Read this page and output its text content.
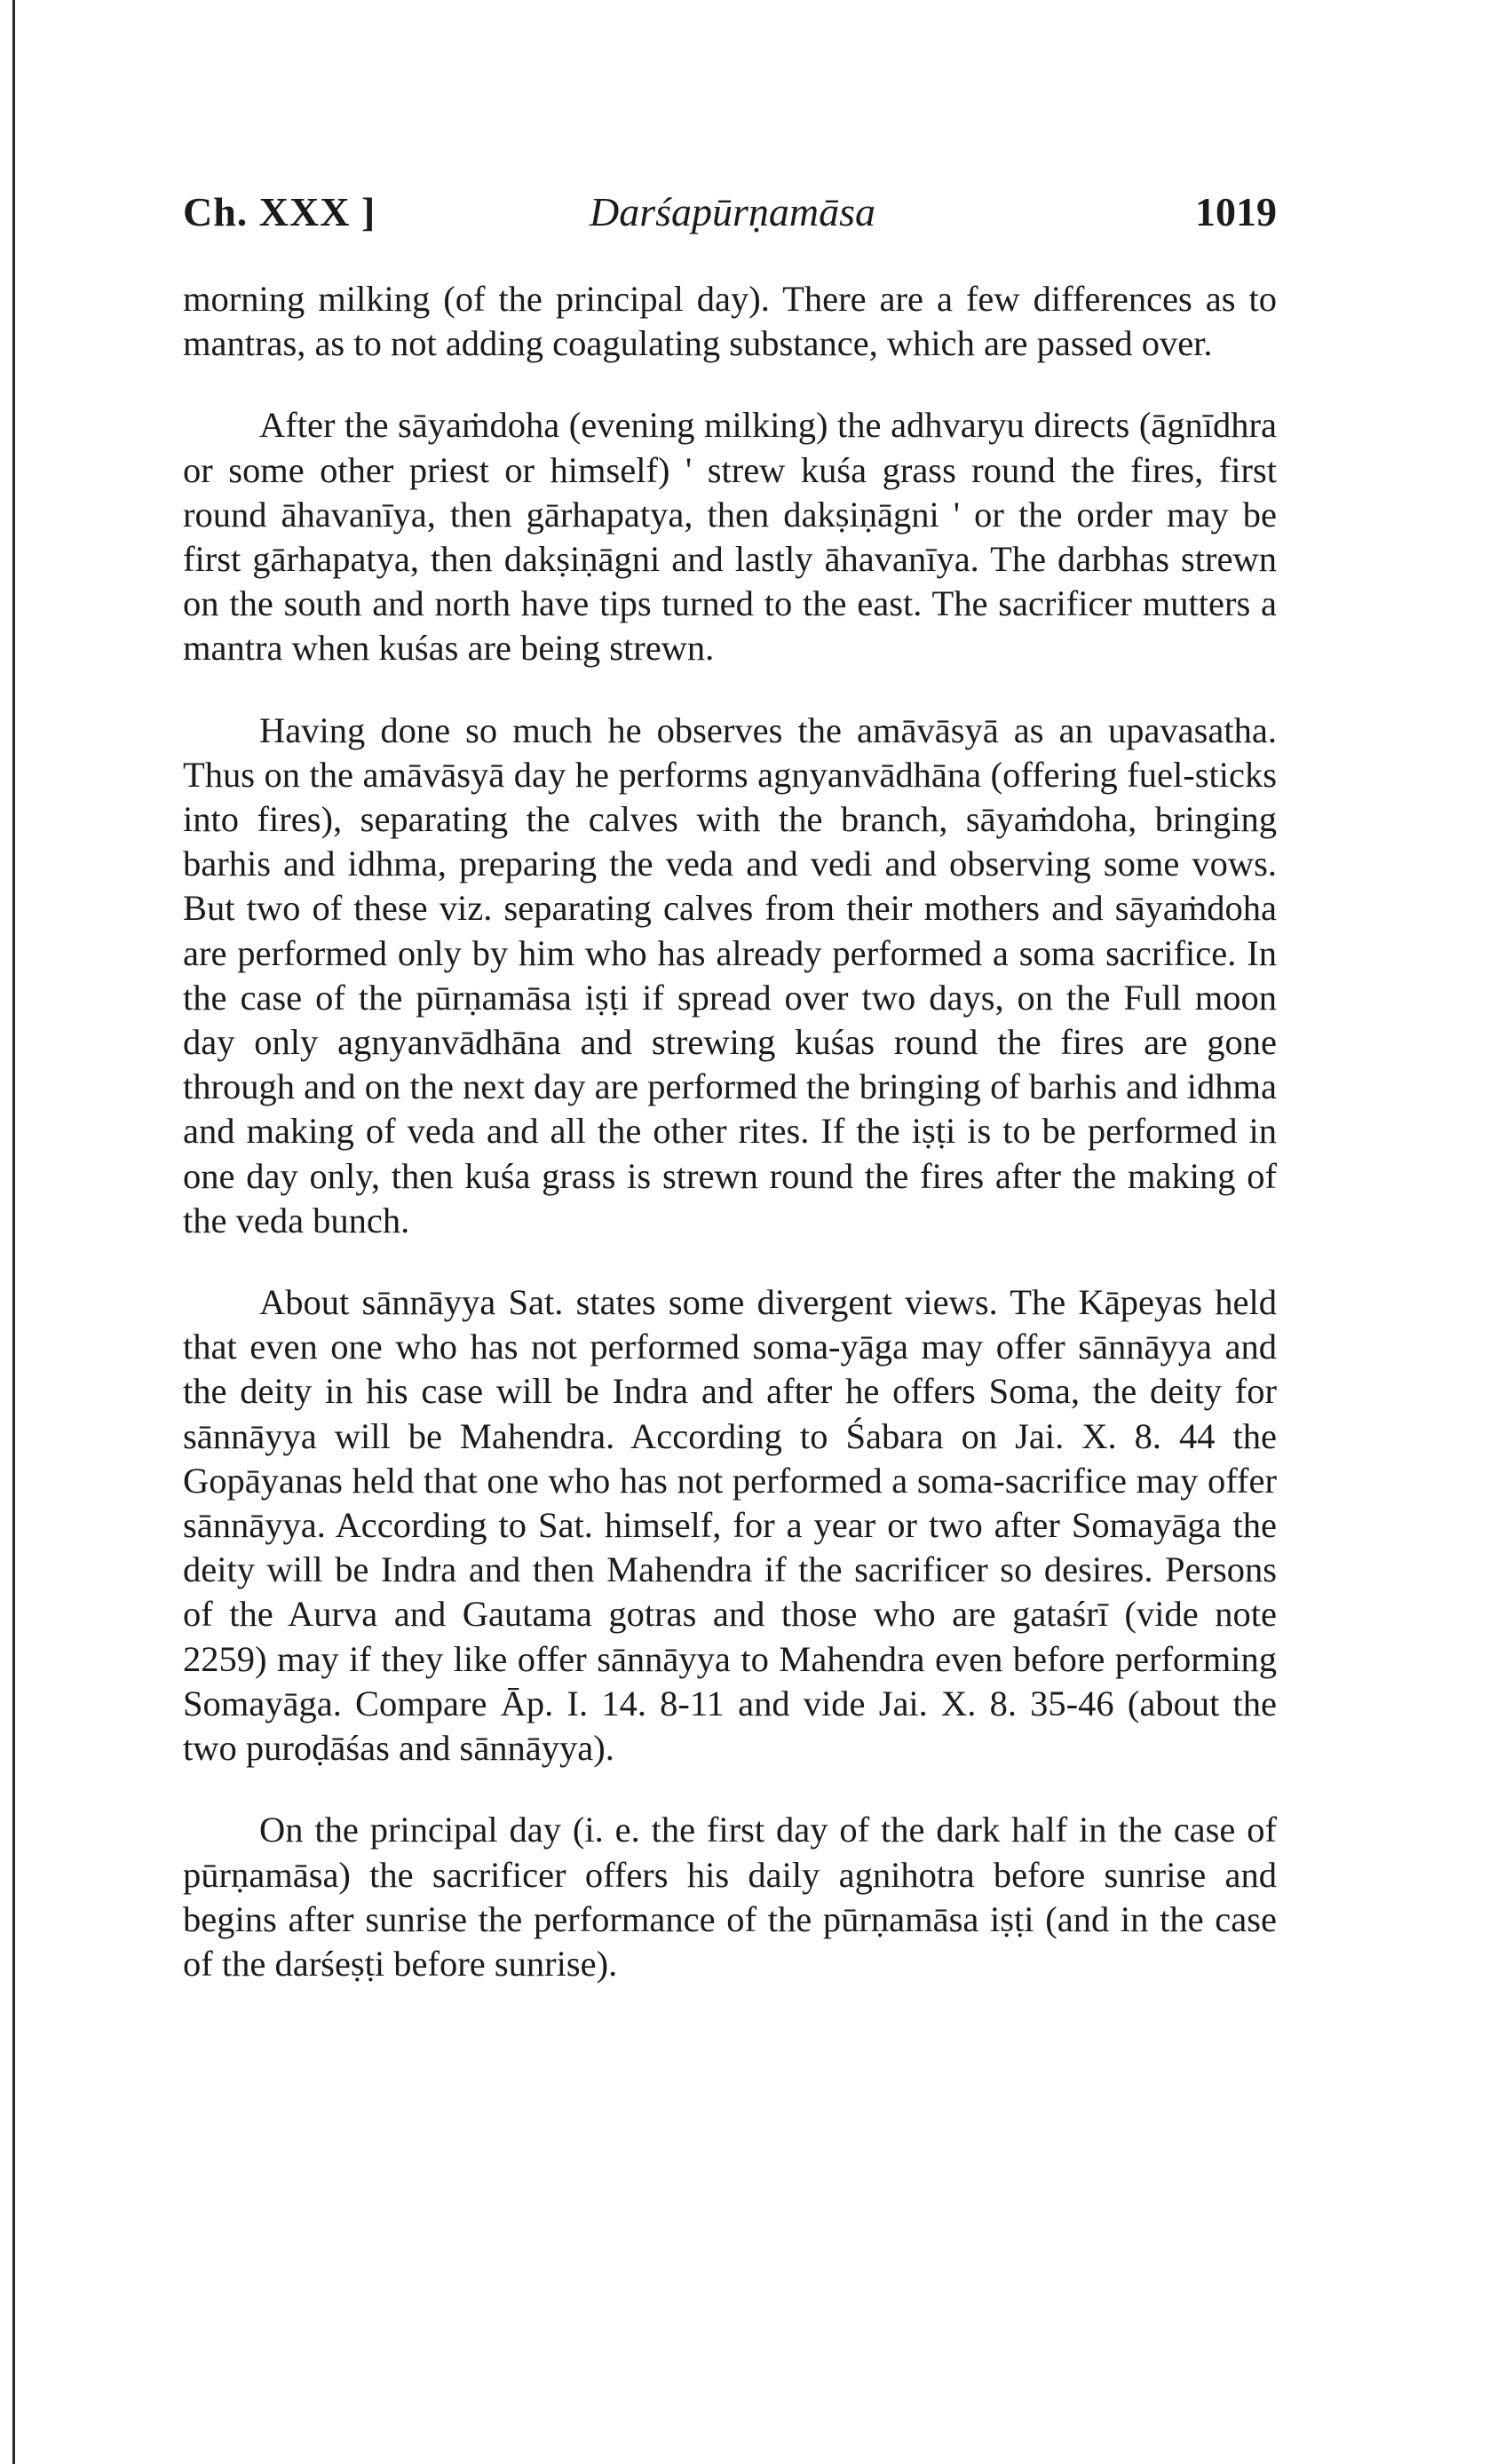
Ch. XXX ]	Darśapūrṇamāsa	1019

morning milking (of the principal day). There are a few differences as to mantras, as to not adding coagulating substance, which are passed over.

After the sāyaṁdoha (evening milking) the adhvaryu directs (āgnīdhra or some other priest or himself) ' strew kuśa grass round the fires, first round āhavanīya, then gārhapatya, then dakṣiṇāgni ' or the order may be first gārhapatya, then dakṣiṇāgni and lastly āhavanīya. The darbhas strewn on the south and north have tips turned to the east. The sacrificer mutters a mantra when kuśas are being strewn.

Having done so much he observes the amāvāsyā as an upavasatha. Thus on the amāvāsyā day he performs agnyanvādhāna (offering fuel-sticks into fires), separating the calves with the branch, sāyaṁdoha, bringing barhis and idhma, preparing the veda and vedi and observing some vows. But two of these viz. separating calves from their mothers and sāyaṁdoha are performed only by him who has already performed a soma sacrifice. In the case of the pūrṇamāsa iṣṭi if spread over two days, on the Full moon day only agnyanvādhāna and strewing kuśas round the fires are gone through and on the next day are performed the bringing of barhis and idhma and making of veda and all the other rites. If the iṣṭi is to be performed in one day only, then kuśa grass is strewn round the fires after the making of the veda bunch.

About sānnāyya Sat. states some divergent views. The Kāpeyas held that even one who has not performed soma-yāga may offer sānnāyya and the deity in his case will be Indra and after he offers Soma, the deity for sānnāyya will be Mahendra. According to Śabara on Jai. X. 8. 44 the Gopāyanas held that one who has not performed a soma-sacrifice may offer sānnāyya. According to Sat. himself, for a year or two after Somayāga the deity will be Indra and then Mahendra if the sacrificer so desires. Persons of the Aurva and Gautama gotras and those who are gataśrī (vide note 2259) may if they like offer sānnāyya to Mahendra even before performing Somayāga. Compare Āp. I. 14. 8-11 and vide Jai. X. 8. 35-46 (about the two puroḍāśas and sānnāyya).

On the principal day (i. e. the first day of the dark half in the case of pūrṇamāsa) the sacrificer offers his daily agnihotra before sunrise and begins after sunrise the performance of the pūrṇamāsa iṣṭi (and in the case of the darśeṣṭi before sunrise).
